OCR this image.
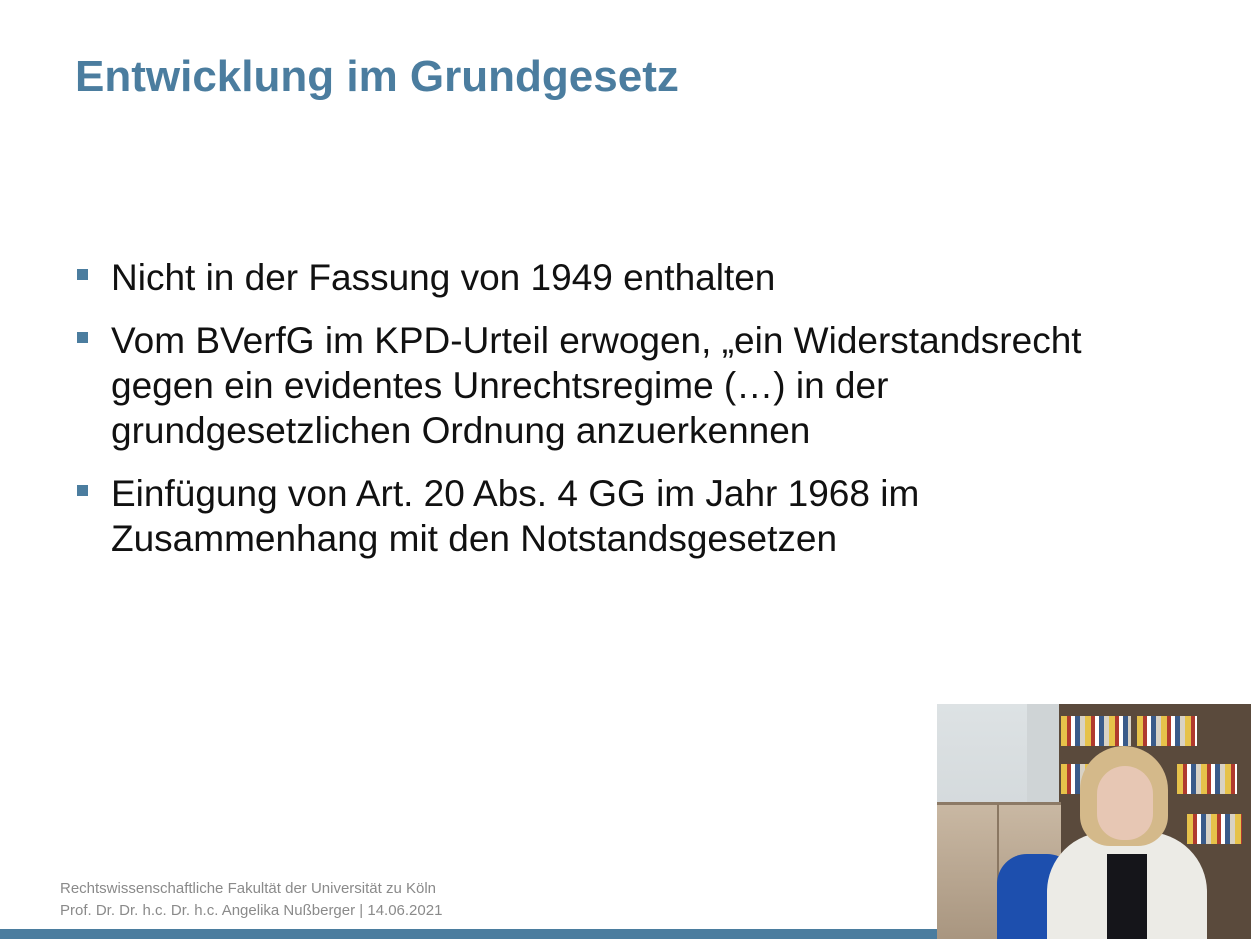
Entwicklung im Grundgesetz
Nicht in der Fassung von 1949 enthalten
Vom BVerfG im KPD-Urteil erwogen, „ein Widerstandsrecht gegen ein evidentes Unrechtsregime (…) in der grundgesetzlichen Ordnung anzuerkennen
Einfügung von Art. 20 Abs. 4 GG im Jahr 1968 im Zusammenhang mit den Notstandsgesetzen
Rechtswissenschaftliche Fakultät der Universität zu Köln
Prof. Dr. Dr. h.c. Dr. h.c. Angelika Nußberger | 14.06.2021
